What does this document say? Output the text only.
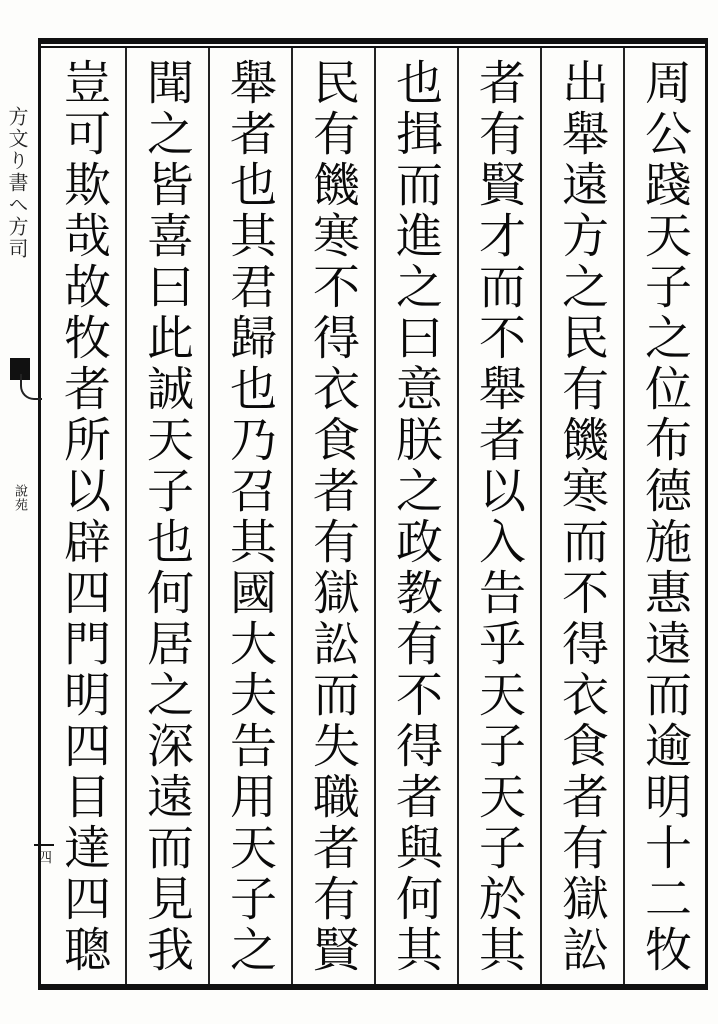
方文り書へ方司
說苑
四
周公踐天子之位布德施惠遠而逾明十二牧
出舉遠方之民有饑寒而不得衣食者有獄訟
者有賢才而不舉者以入告乎天子天子於其
也揖而進之曰意朕之政教有不得者與何其
民有饑寒不得衣食者有獄訟而失職者有賢
舉者也其君歸也乃召其國大夫告用天子之
聞之皆喜曰此誠天子也何居之深遠而見我
豈可欺哉故牧者所以辟四門明四目達四聰
